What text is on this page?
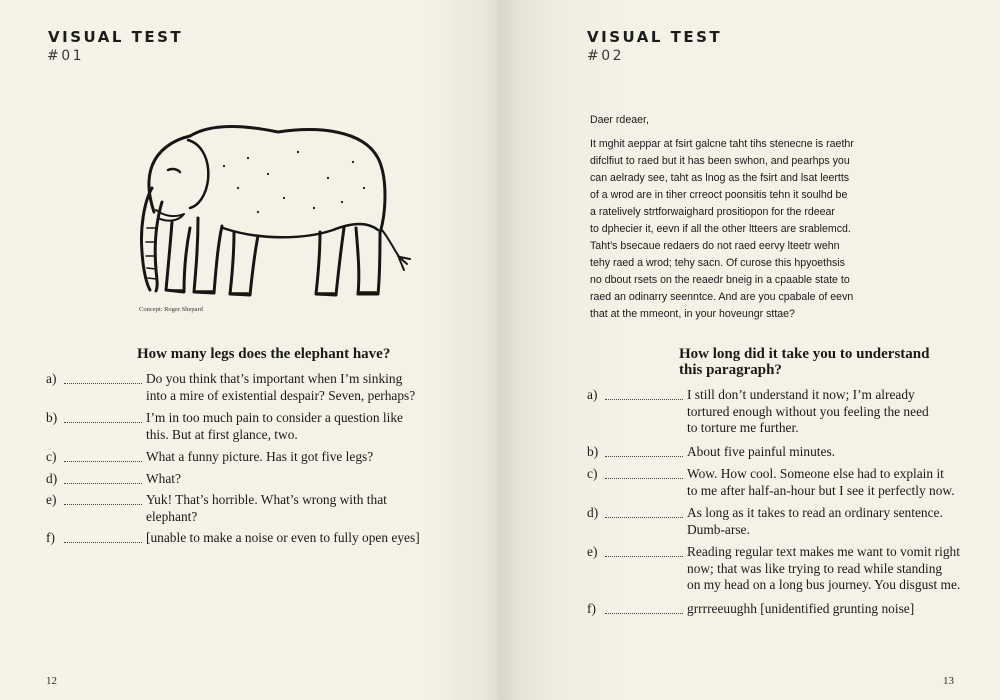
VISUAL TEST
#01
Concept: Roger Shepard
How many legs does the elephant have?
a)	Do you think that’s important when I’m sinking
into a mire of existential despair? Seven, perhaps?
b)	I’m in too much pain to consider a question like
this. But at first glance, two.
c)	What a funny picture. Has it got five legs?
d)	What?
e)	Yuk! That’s horrible. What’s wrong with that
elephant?
f)	[unable to make a noise or even to fully open eyes]
12
VISUAL TEST
#02

Daer rdeaer,

It mghit aeppar at fsirt galcne taht tihs stenecne is raethr
difclfiut to raed but it has been swhon, and pearhps you
can aelrady see, taht as lnog as the fsirt and lsat leertts
of a wrod are in tiher crreoct poonsitis tehn it soulhd be
a ratelively strtforwaighard prositiopon for the rdeear
to dphecier it, eevn if all the other ltteers are srablemcd.
Taht’s bsecaue redaers do not raed eervy lteetr wehn
tehy raed a wrod; tehy sacn. Of curose this hpyoethsis
no dbout rsets on the reaedr bneig in a cpaable state to
raed an odinarry seenntce. And are you cpabale of eevn
that at the mmeont, in your hoveungr sttae?
How long did it take you to understand
this paragraph?
a)	I still don’t understand it now; I’m already
tortured enough without you feeling the need
to torture me further.
b)	About five painful minutes.
c)	Wow. How cool. Someone else had to explain it
to me after half-an-hour but I see it perfectly now.
d)	As long as it takes to read an ordinary sentence.
Dumb-arse.
e)	Reading regular text makes me want to vomit right
now; that was like trying to read while standing
on my head on a long bus journey. You disgust me.
f)	grrrreeuughh [unidentified grunting noise]
13
